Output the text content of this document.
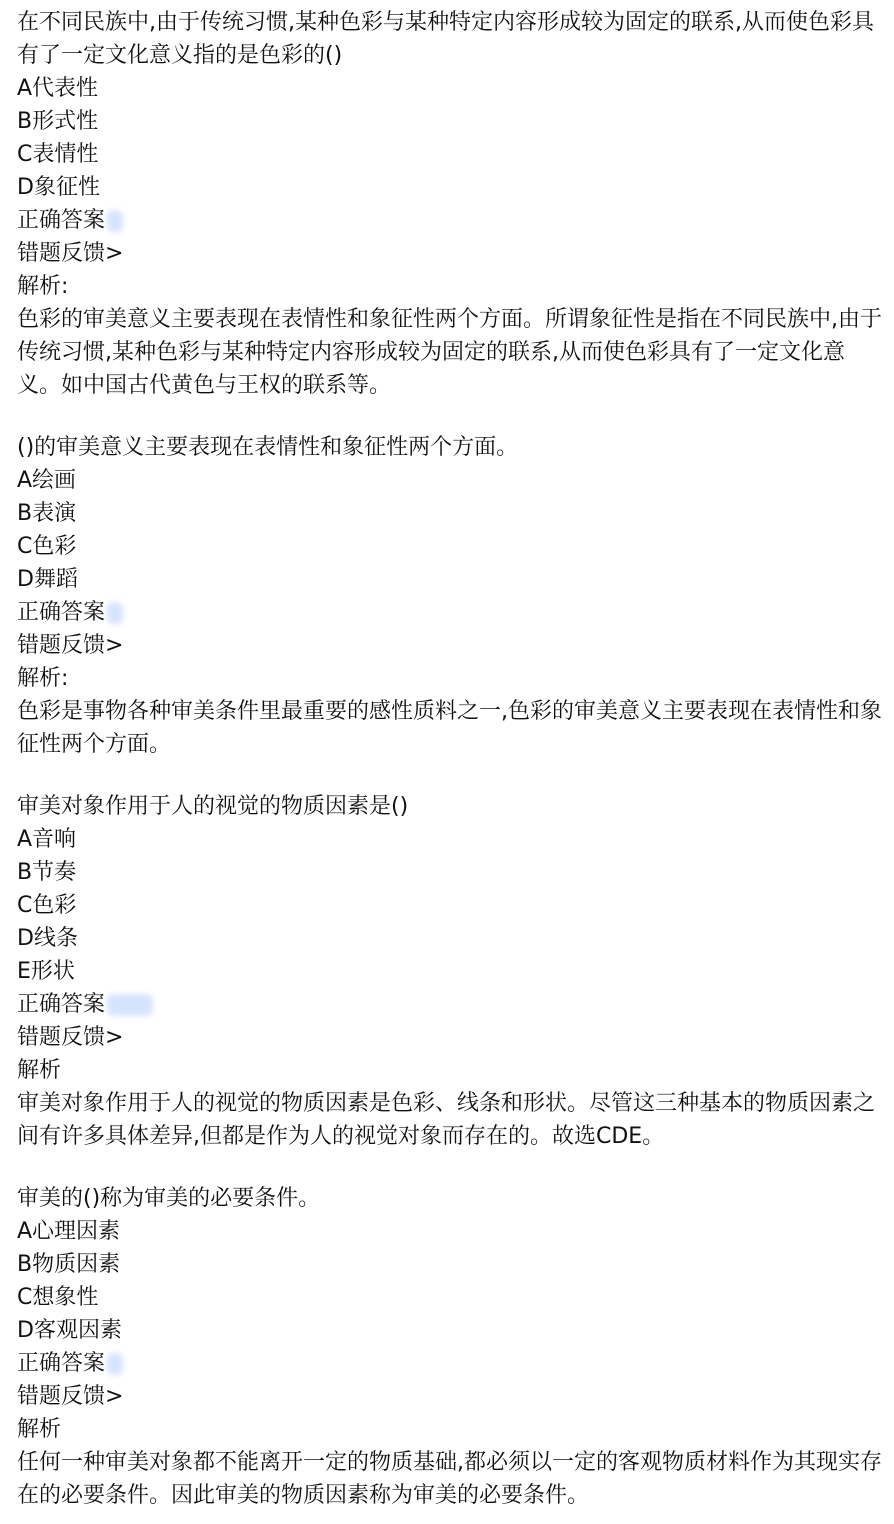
在不同民族中,由于传统习惯,某种色彩与某种特定内容形成较为固定的联系,从而使色彩具有了一定文化意义指的是色彩的()
A代表性
B形式性
C表情性
D象征性
正确答案
错题反馈>
解析:
色彩的审美意义主要表现在表情性和象征性两个方面。所谓象征性是指在不同民族中,由于传统习惯,某种色彩与某种特定内容形成较为固定的联系,从而使色彩具有了一定文化意义。如中国古代黄色与王权的联系等。
()的审美意义主要表现在表情性和象征性两个方面。
A绘画
B表演
C色彩
D舞蹈
正确答案
错题反馈>
解析:
色彩是事物各种审美条件里最重要的感性质料之一,色彩的审美意义主要表现在表情性和象征性两个方面。
审美对象作用于人的视觉的物质因素是()
A音响
B节奏
C色彩
D线条
E形状
正确答案
错题反馈>
解析
审美对象作用于人的视觉的物质因素是色彩、线条和形状。尽管这三种基本的物质因素之间有许多具体差异,但都是作为人的视觉对象而存在的。故选CDE。
审美的()称为审美的必要条件。
A心理因素
B物质因素
C想象性
D客观因素
正确答案
错题反馈>
解析
任何一种审美对象都不能离开一定的物质基础,都必须以一定的客观物质材料作为其现实存在的必要条件。因此审美的物质因素称为审美的必要条件。
